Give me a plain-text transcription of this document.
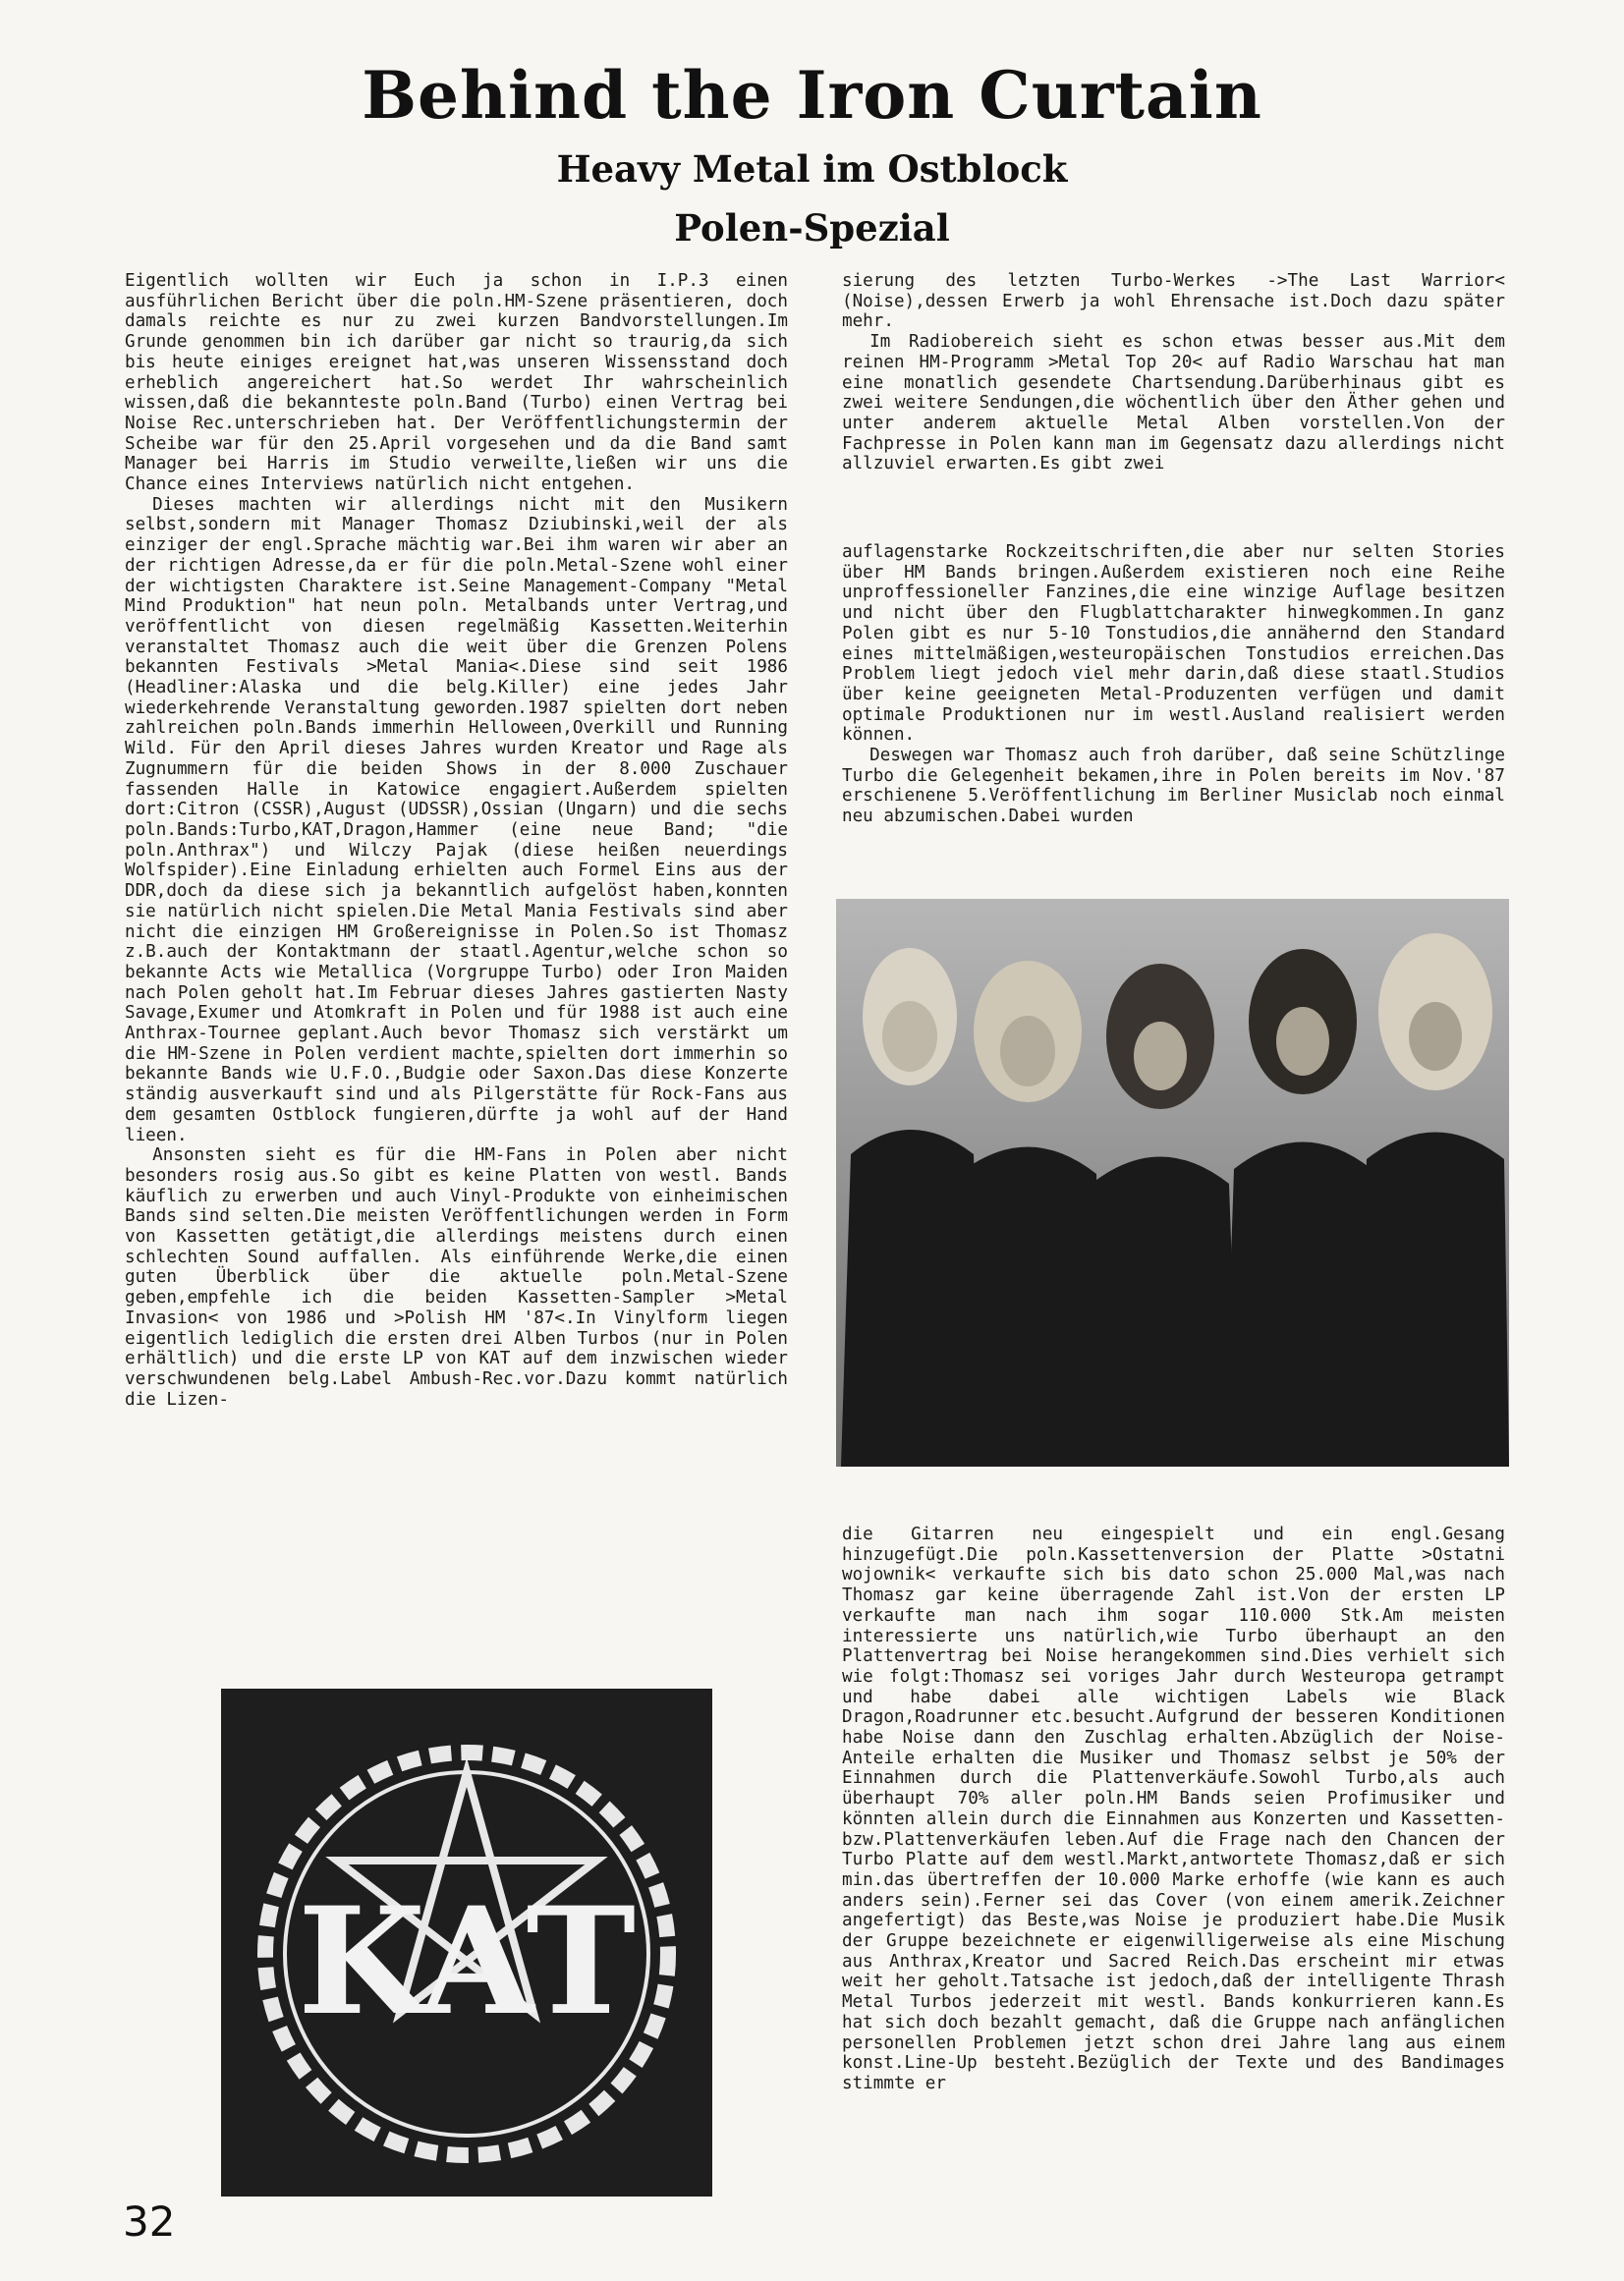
Behind the Iron Curtain
Heavy Metal im Ostblock
Polen-Spezial

Eigentlich wollten wir Euch ja schon in I.P.3 einen ausführlichen Bericht über die poln.HM-Szene präsentieren, doch damals reichte es nur zu zwei kurzen Bandvorstellungen.Im Grunde genommen bin ich darüber gar nicht so traurig,da sich bis heute einiges ereignet hat,was unseren Wissensstand doch erheblich angereichert hat.So werdet Ihr wahrscheinlich wissen,daß die bekannteste poln.Band (Turbo) einen Vertrag bei Noise Rec.unterschrieben hat. Der Veröffentlichungstermin der Scheibe war für den 25.April vorgesehen und da die Band samt Manager bei Harris im Studio verweilte,ließen wir uns die Chance eines Interviews natürlich nicht entgehen.

Dieses machten wir allerdings nicht mit den Musikern selbst,sondern mit Manager Thomasz Dziubinski,weil der als einziger der engl.Sprache mächtig war.Bei ihm waren wir aber an der richtigen Adresse,da er für die poln.Metal-Szene wohl einer der wichtigsten Charaktere ist.Seine Management-Company "Metal Mind Produktion" hat neun poln. Metalbands unter Vertrag,und veröffentlicht von diesen regelmäßig Kassetten.Weiterhin veranstaltet Thomasz auch die weit über die Grenzen Polens bekannten Festivals >Metal Mania<.Diese sind seit 1986 (Headliner:Alaska und die belg.Killer) eine jedes Jahr wiederkehrende Veranstaltung geworden.1987 spielten dort neben zahlreichen poln.Bands immerhin Helloween,Overkill und Running Wild. Für den April dieses Jahres wurden Kreator und Rage als Zugnummern für die beiden Shows in der 8.000 Zuschauer fassenden Halle in Katowice engagiert.Außerdem spielten dort:Citron (CSSR),August (UDSSR),Ossian (Ungarn) und die sechs poln.Bands:Turbo,KAT,Dragon,Hammer (eine neue Band; "die poln.Anthrax") und Wilczy Pajak (diese heißen neuerdings Wolfspider).Eine Einladung erhielten auch Formel Eins aus der DDR,doch da diese sich ja bekanntlich aufgelöst haben,konnten sie natürlich nicht spielen.Die Metal Mania Festivals sind aber nicht die einzigen HM Großereignisse in Polen.So ist Thomasz z.B.auch der Kontaktmann der staatl.Agentur,welche schon so bekannte Acts wie Metallica (Vorgruppe Turbo) oder Iron Maiden nach Polen geholt hat.Im Februar dieses Jahres gastierten Nasty Savage,Exumer und Atomkraft in Polen und für 1988 ist auch eine Anthrax-Tournee geplant.Auch bevor Thomasz sich verstärkt um die HM-Szene in Polen verdient machte,spielten dort immerhin so bekannte Bands wie U.F.O.,Budgie oder Saxon.Das diese Konzerte ständig ausverkauft sind und als Pilgerstätte für Rock-Fans aus dem gesamten Ostblock fungieren,dürfte ja wohl auf der Hand lieen.

Ansonsten sieht es für die HM-Fans in Polen aber nicht besonders rosig aus.So gibt es keine Platten von westl. Bands käuflich zu erwerben und auch Vinyl-Produkte von einheimischen Bands sind selten.Die meisten Veröffentlichungen werden in Form von Kassetten getätigt,die allerdings meistens durch einen schlechten Sound auffallen. Als einführende Werke,die einen guten Überblick über die aktuelle poln.Metal-Szene geben,empfehle ich die beiden Kassetten-Sampler >Metal Invasion< von 1986 und >Polish HM '87<.In Vinylform liegen eigentlich lediglich die ersten drei Alben Turbos (nur in Polen erhältlich) und die erste LP von KAT auf dem inzwischen wieder verschwundenen belg.Label Ambush-Rec.vor.Dazu kommt natürlich die Lizen-

sierung des letzten Turbo-Werkes ->The Last Warrior< (Noise),dessen Erwerb ja wohl Ehrensache ist.Doch dazu später mehr.

Im Radiobereich sieht es schon etwas besser aus.Mit dem reinen HM-Programm >Metal Top 20< auf Radio Warschau hat man eine monatlich gesendete Chartsendung.Darüberhinaus gibt es zwei weitere Sendungen,die wöchentlich über den Äther gehen und unter anderem aktuelle Metal Alben vorstellen.Von der Fachpresse in Polen kann man im Gegensatz dazu allerdings nicht allzuviel erwarten.Es gibt zwei

auflagenstarke Rockzeitschriften,die aber nur selten Stories über HM Bands bringen.Außerdem existieren noch eine Reihe unproffessioneller Fanzines,die eine winzige Auflage besitzen und nicht über den Flugblattcharakter hinwegkommen.In ganz Polen gibt es nur 5-10 Tonstudios,die annähernd den Standard eines mittelmäßigen,westeuropäischen Tonstudios erreichen.Das Problem liegt jedoch viel mehr darin,daß diese staatl.Studios über keine geeigneten Metal-Produzenten verfügen und damit optimale Produktionen nur im westl.Ausland realisiert werden können.

Deswegen war Thomasz auch froh darüber, daß seine Schützlinge Turbo die Gelegenheit bekamen,ihre in Polen bereits im Nov.'87 erschienene 5.Veröffentlichung im Berliner Musiclab noch einmal neu abzumischen.Dabei wurden

die Gitarren neu eingespielt und ein engl.Gesang hinzugefügt.Die poln.Kassettenversion der Platte >Ostatni wojownik< verkaufte sich bis dato schon 25.000 Mal,was nach Thomasz gar keine überragende Zahl ist.Von der ersten LP verkaufte man nach ihm sogar 110.000 Stk.Am meisten interessierte uns natürlich,wie Turbo überhaupt an den Plattenvertrag bei Noise herangekommen sind.Dies verhielt sich wie folgt:Thomasz sei voriges Jahr durch Westeuropa getrampt und habe dabei alle wichtigen Labels wie Black Dragon,Roadrunner etc.besucht.Aufgrund der besseren Konditionen habe Noise dann den Zuschlag erhalten.Abzüglich der Noise-Anteile erhalten die Musiker und Thomasz selbst je 50% der Einnahmen durch die Plattenverkäufe.Sowohl Turbo,als auch überhaupt 70% aller poln.HM Bands seien Profimusiker und könnten allein durch die Einnahmen aus Konzerten und Kassetten-bzw.Plattenverkäufen leben.Auf die Frage nach den Chancen der Turbo Platte auf dem westl.Markt,antwortete Thomasz,daß er sich min.das übertreffen der 10.000 Marke erhoffe (wie kann es auch anders sein).Ferner sei das Cover (von einem amerik.Zeichner angefertigt) das Beste,was Noise je produziert habe.Die Musik der Gruppe bezeichnete er eigenwilligerweise als eine Mischung aus Anthrax,Kreator und Sacred Reich.Das erscheint mir etwas weit her geholt.Tatsache ist jedoch,daß der intelligente Thrash Metal Turbos jederzeit mit westl. Bands konkurrieren kann.Es hat sich doch bezahlt gemacht, daß die Gruppe nach anfänglichen personellen Problemen jetzt schon drei Jahre lang aus einem konst.Line-Up besteht.Bezüglich der Texte und des Bandimages stimmte er

KAT
32
